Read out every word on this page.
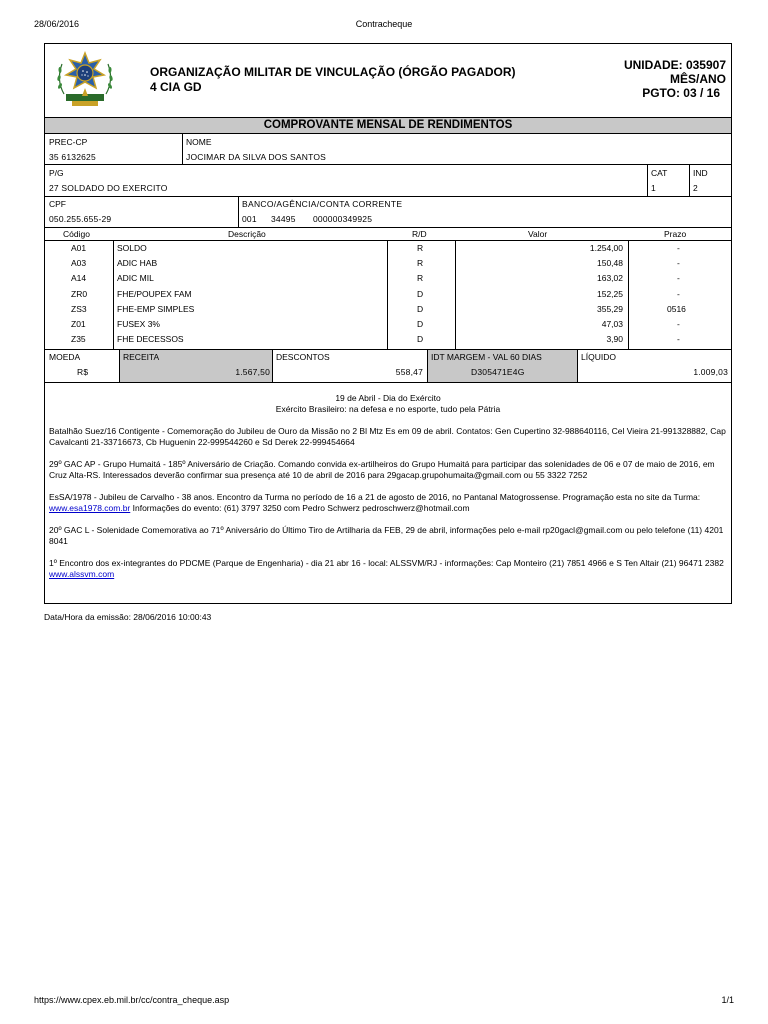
28/06/2016	Contracheque
ORGANIZAÇÃO MILITAR DE VINCULAÇÃO (ÓRGÃO PAGADOR)
4 CIA GD
UNIDADE: 035907
MÊS/ANO
PGTO: 03 / 16
COMPROVANTE MENSAL DE RENDIMENTOS
PREC-CP
35 6132625
NOME
JOCIMAR DA SILVA DOS SANTOS
P/G
27 SOLDADO DO EXERCITO
CAT
1
IND
2
CPF
050.255.655-29
BANCO/AGÊNCIA/CONTA CORRENTE
001 34495 000000349925
Código	Descrição	R/D	Valor	Prazo
A01	SOLDO	R	1.254,00	-
A03	ADIC HAB	R	150,48	-
A14	ADIC MIL	R	163,02	-
ZR0	FHE/POUPEX FAM	D	152,25	-
ZS3	FHE-EMP SIMPLES	D	355,29	0516
Z01	FUSEX 3%	D	47,03	-
Z35	FHE DECESSOS	D	3,90	-
MOEDA
R$
RECEITA
1.567,50
DESCONTOS
558,47
IDT MARGEM - VAL 60 DIAS
D305471E4G
LÍQUIDO
1.009,03

19 de Abril - Dia do Exército

Exército Brasileiro: na defesa e no esporte, tudo pela Pátria

Batalhão Suez/16 Contigente - Comemoração do Jubileu de Ouro da Missão no 2 Bl Mtz Es em 09 de abril. Contatos: Gen Cupertino 32-988640116, Cel Vieira 21-991328882, Cap Cavalcanti 21-33716673, Cb Huguenin 22-999544260 e Sd Derek 22-999454664

29º GAC AP - Grupo Humaitá - 185º Aniversário de Criação. Comando convida ex-artilheiros do Grupo Humaitá para participar das solenidades de 06 e 07 de maio de 2016, em Cruz Alta-RS. Interessados deverão confirmar sua presença até 10 de abril de 2016 para 29gacap.grupohumaita@gmail.com ou 55 3322 7252

EsSA/1978 - Jubileu de Carvalho - 38 anos. Encontro da Turma no período de 16 a 21 de agosto de 2016, no Pantanal Matogrossense. Programação esta no site da Turma: www.esa1978.com.br Informações do evento: (61) 3797 3250 com Pedro Schwerz pedroschwerz@hotmail.com

20º GAC L - Solenidade Comemorativa ao 71º Aniversário do Último Tiro de Artilharia da FEB, 29 de abril, informações pelo e-mail rp20gacl@gmail.com ou pelo telefone (11) 4201 8041

1º Encontro dos ex-integrantes do PDCME (Parque de Engenharia) - dia 21 abr 16 - local: ALSSVM/RJ - informações: Cap Monteiro (21) 7851 4966 e S Ten Altair (21) 96471 2382 www.alssvm.com

Data/Hora da emissão: 28/06/2016 10:00:43
https://www.cpex.eb.mil.br/cc/contra_cheque.asp	1/1
